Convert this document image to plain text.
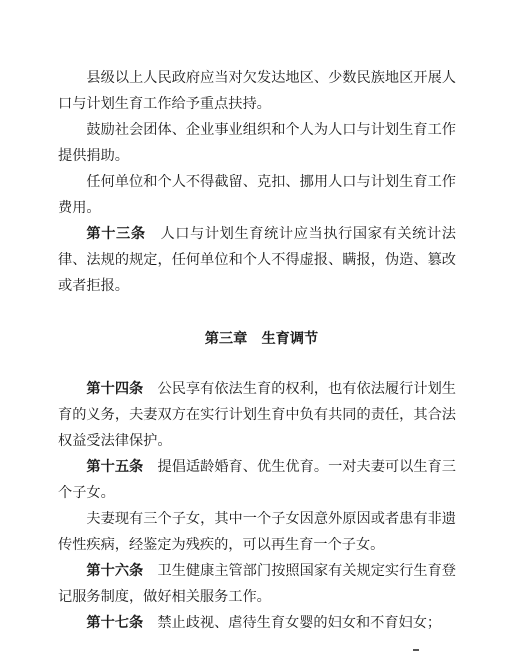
县级以上人民政府应当对欠发达地区、少数民族地区开展人口与计划生育工作给予重点扶持。

鼓励社会团体、企业事业组织和个人为人口与计划生育工作提供捐助。

任何单位和个人不得截留、克扣、挪用人口与计划生育工作费用。

第十三条　 人口与计划生育统计应当执行国家有关统计法律、法规的规定，任何单位和个人不得虚报、瞒报，伪造、篡改或者拒报。

第三章　生育调节

第十四条　 公民享有依法生育的权利，也有依法履行计划生育的义务，夫妻双方在实行计划生育中负有共同的责任，其合法权益受法律保护。

第十五条　 提倡适龄婚育、优生优育。一对夫妻可以生育三个子女。

夫妻现有三个子女，其中一个子女因意外原因或者患有非遗传性疾病，经鉴定为残疾的，可以再生育一个子女。

第十六条　 卫生健康主管部门按照国家有关规定实行生育登记服务制度，做好相关服务工作。

第十七条　 禁止歧视、虐待生育女婴的妇女和不育妇女；
